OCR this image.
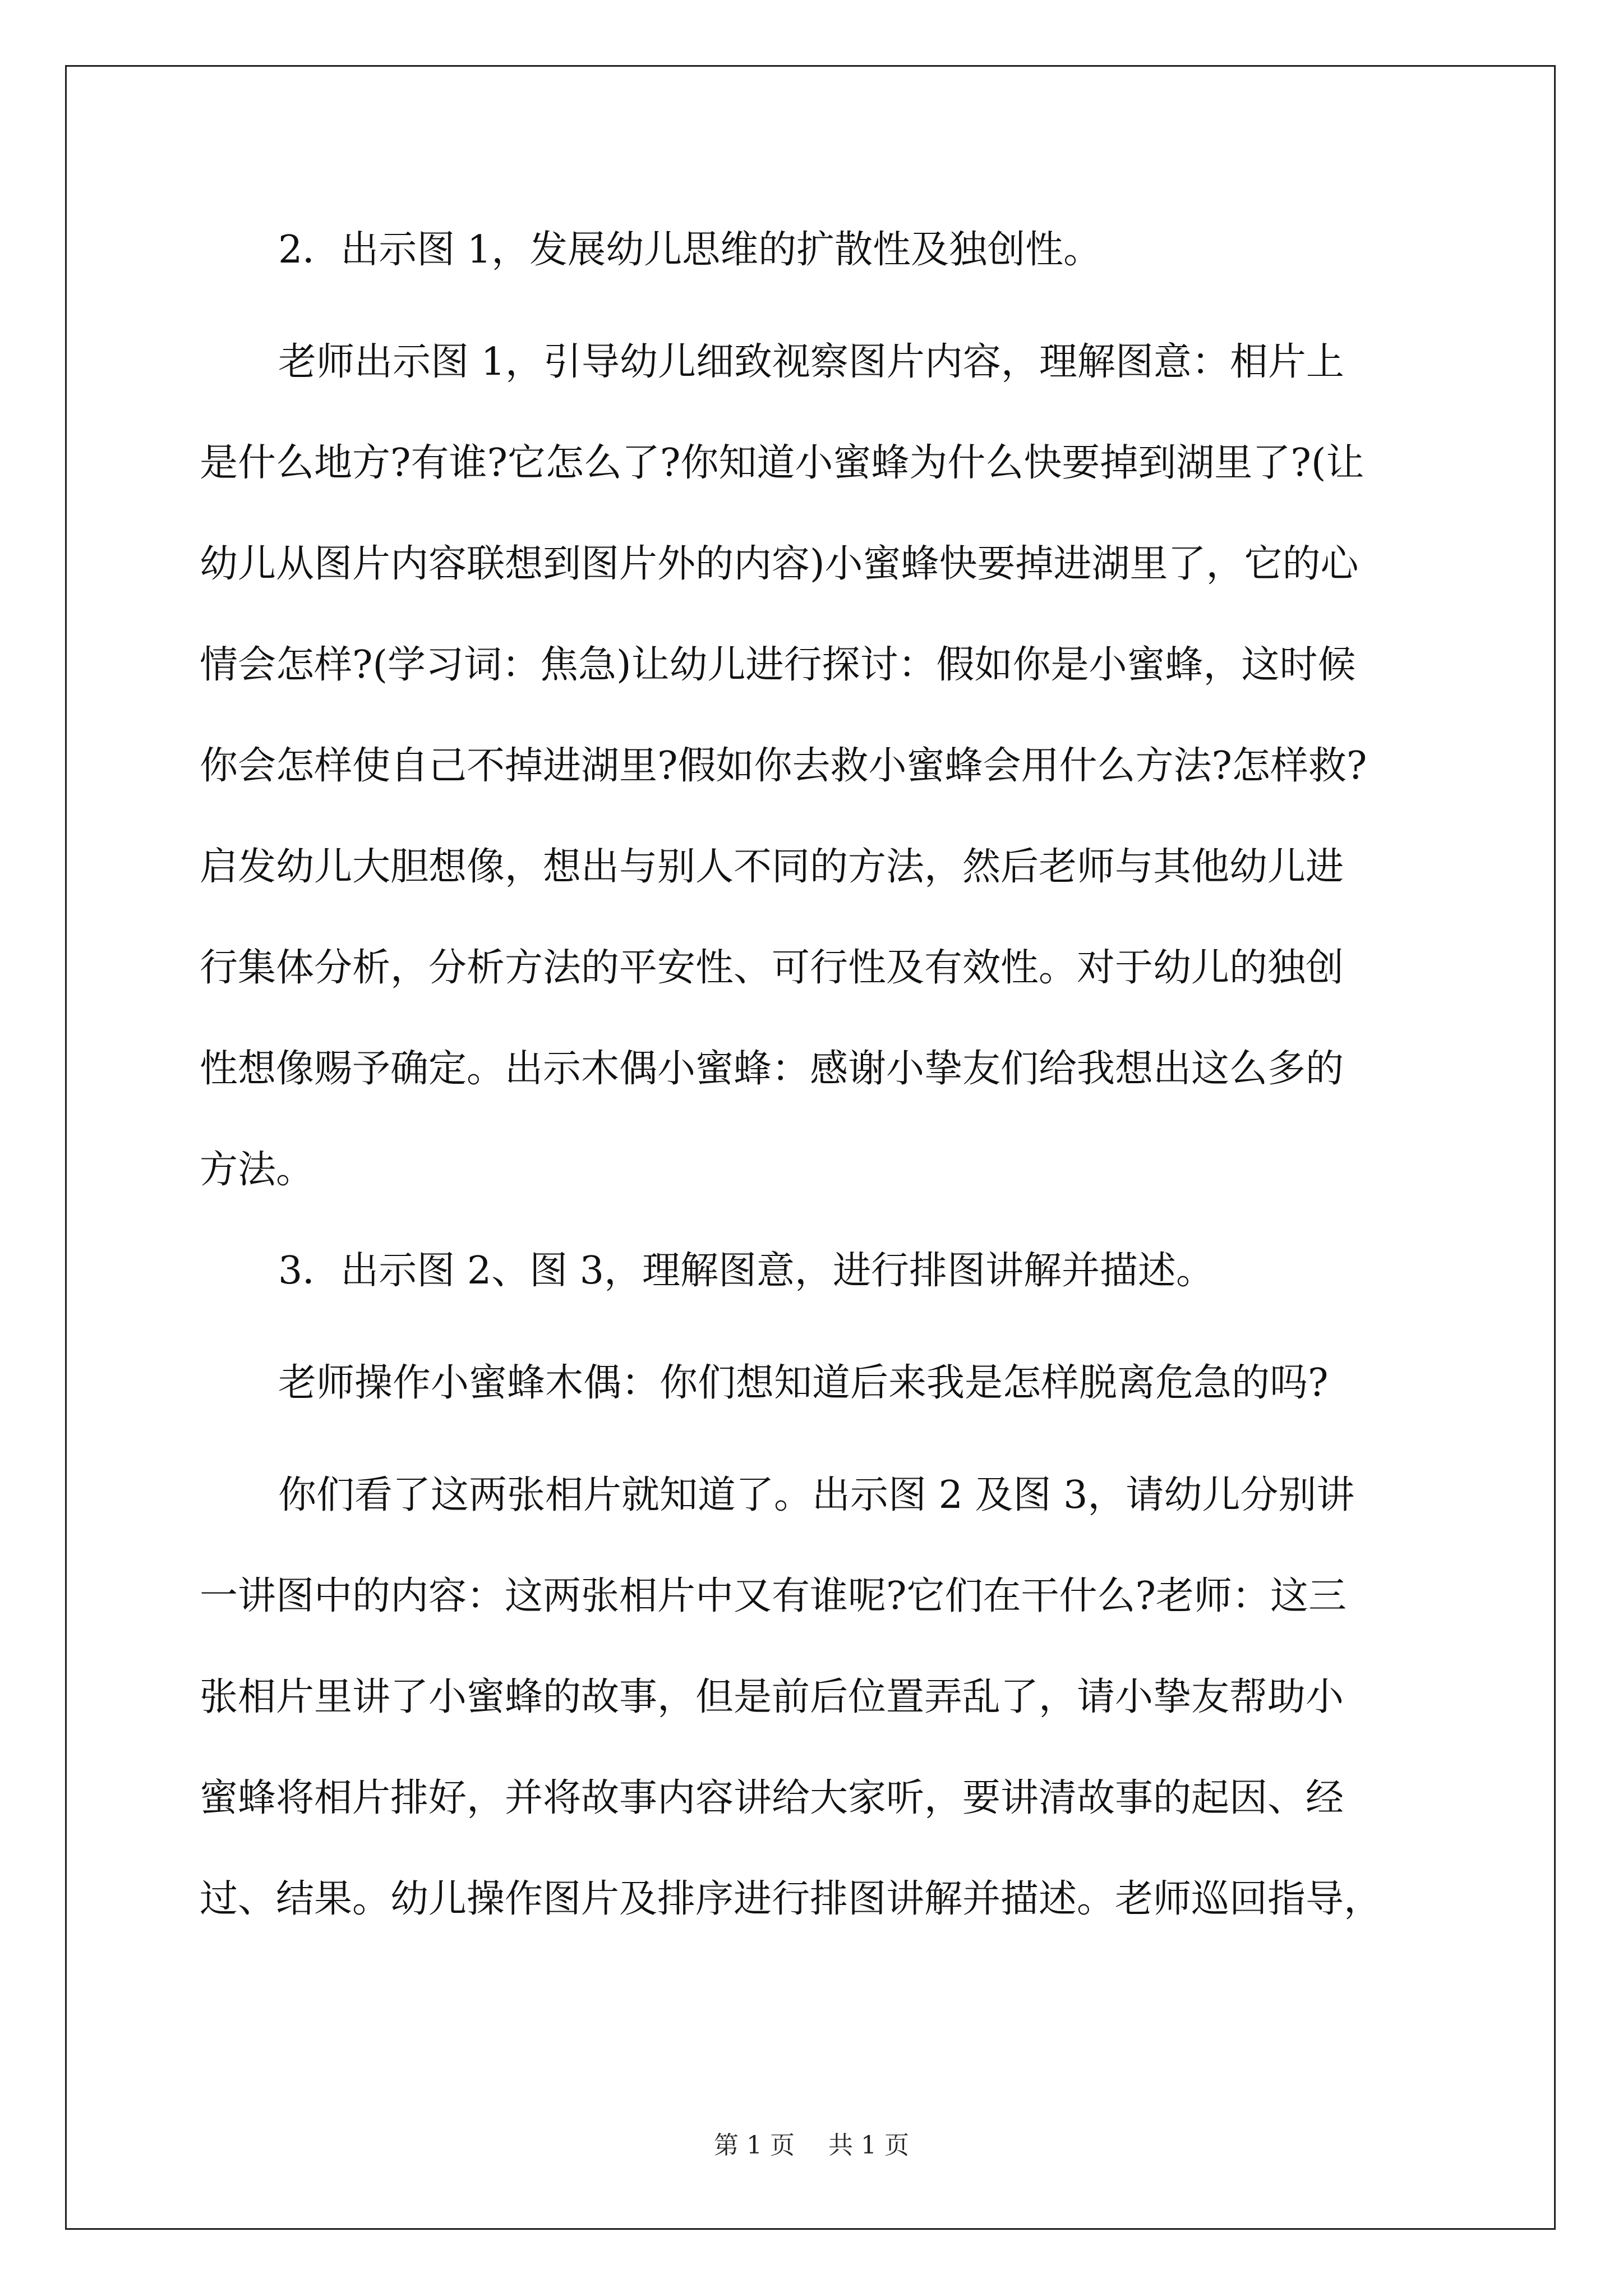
2．出示图 1，发展幼儿思维的扩散性及独创性。
老师出示图 1，引导幼儿细致视察图片内容，理解图意：相片上
是什么地方?有谁?它怎么了?你知道小蜜蜂为什么快要掉到湖里了?(让
幼儿从图片内容联想到图片外的内容)小蜜蜂快要掉进湖里了，它的心
情会怎样?(学习词：焦急)让幼儿进行探讨：假如你是小蜜蜂，这时候
你会怎样使自己不掉进湖里?假如你去救小蜜蜂会用什么方法?怎样救?
启发幼儿大胆想像，想出与别人不同的方法，然后老师与其他幼儿进
行集体分析，分析方法的平安性、可行性及有效性。对于幼儿的独创
性想像赐予确定。出示木偶小蜜蜂：感谢小挚友们给我想出这么多的
方法。
3．出示图 2、图 3，理解图意，进行排图讲解并描述。
老师操作小蜜蜂木偶：你们想知道后来我是怎样脱离危急的吗?
你们看了这两张相片就知道了。出示图 2 及图 3，请幼儿分别讲
一讲图中的内容：这两张相片中又有谁呢?它们在干什么?老师：这三
张相片里讲了小蜜蜂的故事，但是前后位置弄乱了，请小挚友帮助小
蜜蜂将相片排好，并将故事内容讲给大家听，要讲清故事的起因、经
过、结果。幼儿操作图片及排序进行排图讲解并描述。老师巡回指导，
第 1 页 共 1 页
